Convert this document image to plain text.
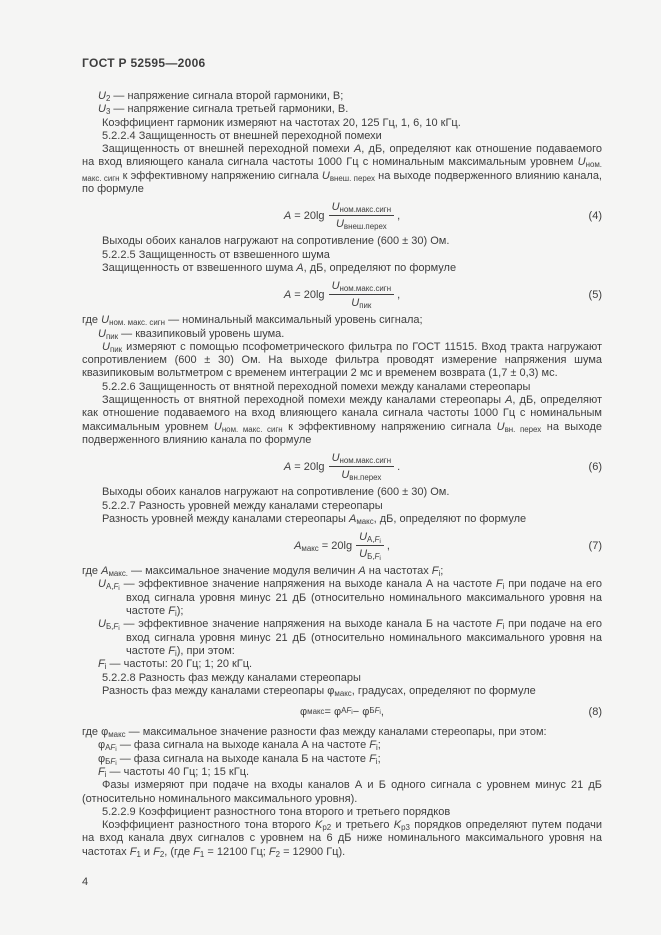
ГОСТ Р 52595—2006
$U_2$ — напряжение сигнала второй гармоники, В;
$U_3$ — напряжение сигнала третьей гармоники, В.
Коэффициент гармоник измеряют на частотах 20, 125 Гц, 1, 6, 10 кГц.
5.2.2.4 Защищенность от внешней переходной помехи
Защищенность от внешней переходной помехи A, дБ, определяют как отношение подаваемого на вход влияющего канала сигнала частоты 1000 Гц с номинальным максимальным уровнем $U_{ном. макс. сигн}$ к эффективному напряжению сигнала $U_{внеш. перех}$ на выходе подверженного влиянию канала, по формуле
$A = 20\lg \frac{U_{ном.макс.сигн}}{U_{внеш.перех}}$ ,	(4)
Выходы обоих каналов нагружают на сопротивление (600 ± 30) Ом.
5.2.2.5 Защищенность от взвешенного шума
Защищенность от взвешенного шума A, дБ, определяют по формуле
$A = 20\lg \frac{U_{ном.макс.сигн}}{U_{пик}}$ ,	(5)
где $U_{ном. макс. сигн}$ — номинальный максимальный уровень сигнала;
$U_{пик}$ — квазипиковый уровень шума.
$U_{пик}$ измеряют с помощью псофометрического фильтра по ГОСТ 11515. Вход тракта нагружают сопротивлением (600 ± 30) Ом. На выходе фильтра проводят измерение напряжения шума квазипиковым вольтметром с временем интеграции 2 мс и временем возврата (1,7 ± 0,3) мс.
5.2.2.6 Защищенность от внятной переходной помехи между каналами стереопары
Защищенность от внятной переходной помехи между каналами стереопары A, дБ, определяют как отношение подаваемого на вход влияющего канала сигнала частоты 1000 Гц с номинальным максимальным уровнем $U_{ном. макс. сигн}$ к эффективному напряжению сигнала $U_{вн. перех}$ на выходе подверженного влиянию канала по формуле
$A = 20\lg \frac{U_{ном.макс.сигн}}{U_{вн.перех}}$ .	(6)
Выходы обоих каналов нагружают на сопротивление (600 ± 30) Ом.
5.2.2.7 Разность уровней между каналами стереопары
Разность уровней между каналами стереопары $A_{макс}$, дБ, определяют по формуле
$A_{макс} = 20\lg \frac{U_{А,F_i}}{U_{Б,F_i}}$ ,	(7)
где $A_{макс.}$ — максимальное значение модуля величин A на частотах $F_i$;
$U_{А,F_i}$ — эффективное значение напряжения на выходе канала А на частоте $F_i$ при подаче на его вход сигнала уровня минус 21 дБ (относительно номинального максимального уровня на частоте $F_i$);
$U_{Б,F_i}$ — эффективное значение напряжения на выходе канала Б на частоте $F_i$ при подаче на его вход сигнала уровня минус 21 дБ (относительно номинального максимального уровня на частоте $F_i$), при этом:
$F_i$ — частоты: 20 Гц; 1; 20 кГц.
5.2.2.8 Разность фаз между каналами стереопары
Разность фаз между каналами стереопары $\varphi_{макс}$, градусах, определяют по формуле
φ макс = φ $АF_i - \varphi$ $БF_i$ ,	(8)
где $\varphi_{макс}$ — максимальное значение разности фаз между каналами стереопары, при этом:
$\varphi_{АF_i}$ — фаза сигнала на выходе канала А на частоте $F_i$;
$\varphi_{БF_i}$ — фаза сигнала на выходе канала Б на частоте $F_i$;
$F_i$ — частоты 40 Гц; 1; 15 кГц.
Фазы измеряют при подаче на входы каналов А и Б одного сигнала с уровнем минус 21 дБ (относительно номинального максимального уровня).
5.2.2.9 Коэффициент разностного тона второго и третьего порядков
Коэффициент разностного тона второго $K_{р2}$ и третьего $K_{р3}$ порядков определяют путем подачи на вход канала двух сигналов с уровнем на 6 дБ ниже номинального максимального уровня на частотах $F_1$ и $F_2$, (где $F_1 = 12100$ Гц; $F_2 = 12900$ Гц).
4
